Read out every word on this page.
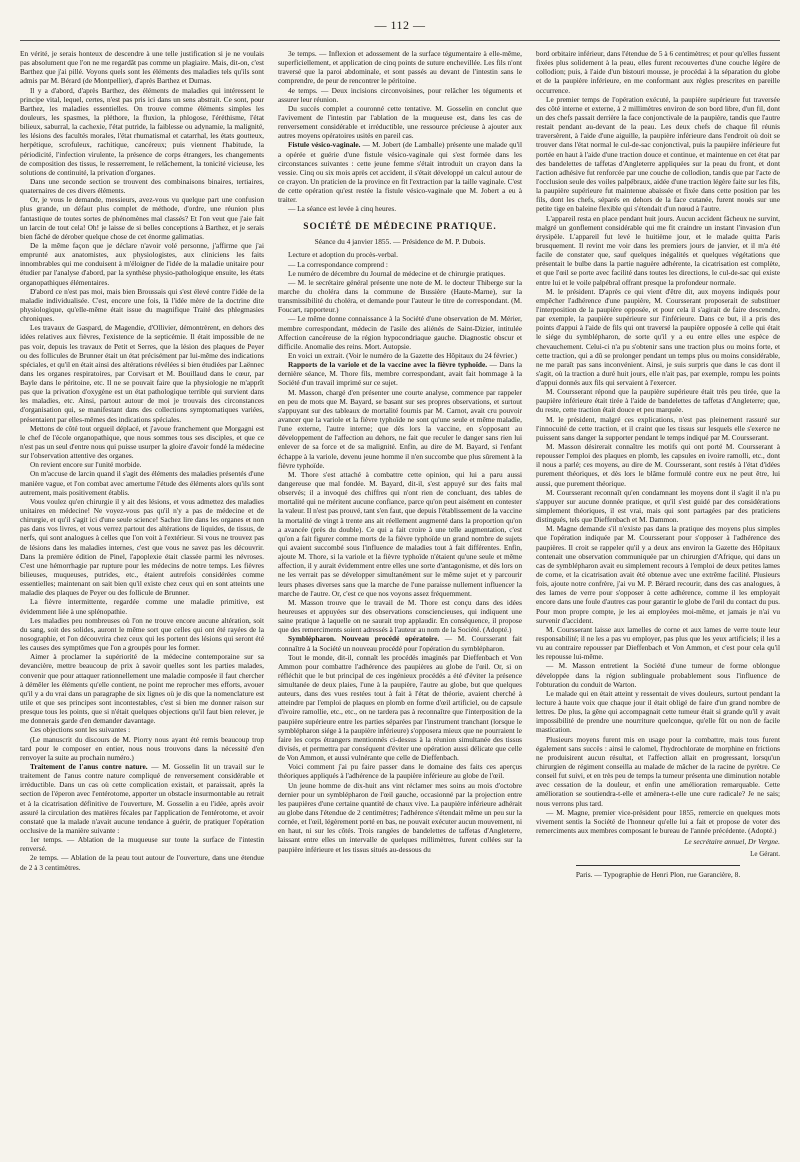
— 112 —

En vérité, je serais honteux de descendre à une telle justification si je ne voulais pas absolument que l'on ne me regardât pas comme un plagiaire. Mais, dit-on, c'est Barthez que j'ai pillé. Voyons quels sont les éléments des maladies tels qu'ils sont admis par M. Bérard (de Montpellier), d'après Barthez et Dumas.

Il y a d'abord, d'après Barthez, des éléments de maladies qui intéressent le principe vital, lequel, certes, n'est pas pris ici dans un sens abstrait. Ce sont, pour Barthez, les maladies essentielles. On trouve comme éléments simples les douleurs, les spasmes, la pléthore, la fluxion, la phlogose, l'éréthisme, l'état bilieux, saburral, la cachexie, l'état putride, la faiblesse ou adynamie, la malignité, les lésions des facultés morales, l'état rhumatismal et catarrhal, les états goutteux, herpétique, scrofuleux, rachitique, cancéreux; puis viennent l'habitude, la périodicité, l'infection virulente, la présence de corps étrangers, les changements de composition des tissus, le resserrement, le relâchement, la tonicité vicieuse, les solutions de continuité, la privation d'organes.

Dans une seconde section se trouvent des combinaisons binaires, tertiaires, quaternaires de ces divers éléments.

Or, je vous le demande, messieurs, avez-vous vu quelque part une confusion plus grande, un défaut plus complet de méthode, d'ordre, une réunion plus fantastique de toutes sortes de phénomènes mal classés? Et l'on veut que j'aie fait un larcin de tout cela! Oh! je laisse de si belles conceptions à Barthez, et je serais bien fâché de dérober quelque chose de cet énorme galimatias.

De la même façon que je déclare n'avoir volé personne, j'affirme que j'ai emprunté aux anatomistes, aux physiologistes, aux cliniciens les faits innombrables qui me conduisent à m'éloigner de l'idée de la maladie unitaire pour étudier par l'analyse d'abord, par la synthèse physio-pathologique ensuite, les états organopathiques élémentaires.

D'abord ce n'est pas moi, mais bien Broussais qui s'est élevé contre l'idée de la maladie individualisée. C'est, encore une fois, là l'idée mère de la doctrine dite physiologique, qu'elle-même était issue du magnifique Traité des phlegmasies chroniques.

Les travaux de Gaspard, de Magendie, d'Ollivier, démontrèrent, en dehors des idées relatives aux fièvres, l'existence de la septicémie. Il était impossible de ne pas voir, depuis les travaux de Petit et Serres, que la lésion des plaques de Peyer ou des follicules de Brunner était un état précisément par lui-même des indications spéciales, et qu'il en était ainsi des altérations révélées si bien étudiées par Laënnec dans les organes respiratoires, par Corvisart et M. Bouillaud dans le cœur, par Bayle dans le péritoine, etc. Il ne se pouvait faire que la physiologie ne m'apprît pas que la privation d'oxygène est un état pathologique terrible qui survient dans les maladies, etc. Ainsi, partout autour de moi je trouvais des circonstances d'organisation qui, se manifestant dans des collections symptomatiques variées, présentaient par elles-mêmes des indications spéciales.

Mettons de côté tout orgueil déplacé, et j'avoue franchement que Morgagni est le chef de l'école organopathique, que nous sommes tous ses disciples, et que ce n'est pas un seul d'entre nous qui puisse usurper la gloire d'avoir fondé la médecine sur l'observation attentive des organes.

On revient encore sur l'unité morbide.

On m'accuse de larcin quand il s'agit des éléments des maladies présentés d'une manière vague, et l'on combat avec amertume l'étude des éléments alors qu'ils sont autrement, mais positivement établis.

Vous voulez qu'en chirurgie il y ait des lésions, et vous admettez des maladies unitaires en médecine! Ne voyez-vous pas qu'il n'y a pas de médecine et de chirurgie, et qu'il s'agit ici d'une seule science! Sachez lire dans les organes et non pas dans vos livres, et vous verrez partout des altérations de liquides, de tissus, de nerfs, qui sont analogues à celles que l'on voit à l'extérieur. Si vous ne trouvez pas de lésions dans les maladies internes, c'est que vous ne savez pas les découvrir. Dans la première édition de Pinel, l'apoplexie était classée parmi les névroses. C'est une hémorrhagie par rupture pour les médecins de notre temps. Les fièvres bilieuses, muqueuses, putrides, etc., étaient autrefois considérées comme essentielles; maintenant on sait bien qu'il existe chez ceux qui en sont atteints une maladie des plaques de Peyer ou des follicule de Brunner.

La fièvre intermittente, regardée comme une maladie primitive, est évidemment liée à une splénopathie.

Les maladies peu nombreuses où l'on ne trouve encore aucune altération, soit du sang, soit des solides, auront le même sort que celles qui ont été rayées de la nosographie, et l'on découvrira chez ceux qui les portent des lésions qui seront été les causes des symptômes que l'on a groupés pour les former.

Aimer à proclamer la supériorité de la médecine contemporaine sur sa devancière, mettre beaucoup de prix à savoir quelles sont les parties malades, convenir que pour attaquer rationnellement une maladie composée il faut chercher à démêler les éléments qu'elle contient, ne point me reprocher mes efforts, avouer qu'il y a du vrai dans un paragraphe de six lignes où je dis que la nomenclature est utile et que ses principes sont incontestables, c'est si bien me donner raison sur presque tous les points, que si n'était quelques objections qu'il faut bien relever, je me donnerais garde d'en demander davantage.

Ces objections sont les suivantes :

(Le manuscrit du discours de M. Piorry nous ayant été remis beaucoup trop tard pour le composer en entier, nous nous trouvons dans la nécessité d'en renvoyer la suite au prochain numéro.)

Traitement de l'anus contre nature. — M. Gosselin lit un travail sur le traitement de l'anus contre nature compliqué de renversement considérable et irréductible. Dans un cas où cette complication existait, et paraissait, après la section de l'éperon avec l'entérotome, apporter un obstacle insurmontable au retrait et à la cicatrisation définitive de l'ouverture, M. Gosselin a eu l'idée, après avoir assuré la circulation des matières fécales par l'application de l'entérotome, et avoir constaté que la malade n'avait aucune tendance à guérir, de pratiquer l'opération occlusive de la manière suivante :

1er temps. — Ablation de la muqueuse sur toute la surface de l'intestin renversé.

2e temps. — Ablation de la peau tout autour de l'ouverture, dans une étendue de 2 à 3 centimètres.

3e temps. — Inflexion et adossement de la surface tégumentaire à elle-même, superficiellement, et application de cinq points de suture enchevillée. Les fils n'ont traversé que la paroi abdominale, et sont passés au devant de l'intestin sans le comprendre, de peur de rencontrer le péritoine.

4e temps. — Deux incisions circonvoisines, pour relâcher les téguments et assurer leur réunion.

Du succès complet a couronné cette tentative. M. Gosselin en conclut que l'avivement de l'intestin par l'ablation de la muqueuse est, dans les cas de renversement considérable et irréductible, une ressource précieuse à ajouter aux autres moyens opératoires usités en pareil cas.

Fistule vésico-vaginale. — M. Jobert (de Lamballe) présente une malade qu'il a opérée et guérie d'une fistule vésico-vaginale qui s'est formée dans les circonstances suivantes : cette jeune femme s'était introduit un crayon dans la vessie. Cinq ou six mois après cet accident, il s'était développé un calcul autour de ce crayon. Un praticien de la province en fit l'extraction par la taille vaginale. C'est de cette opération qu'est restée la fistule vésico-vaginale que M. Jobert a eu à traiter.

— La séance est levée à cinq heures.

SOCIÉTÉ DE MÉDECINE PRATIQUE.
Séance du 4 janvier 1855. — Présidence de M. P. Dubois.

Lecture et adoption du procès-verbal.

— La correspondance comprend :

Le numéro de décembre du Journal de médecine et de chirurgie pratiques.

— M. le secrétaire général présente une note de M. le docteur Thiberge sur la marche du choléra dans la commune de Bussière (Haute-Marne), sur la transmissibilité du choléra, et demande pour l'auteur le titre de correspondant. (M. Foucart, rapporteur.)

— Le même donne connaissance à la Société d'une observation de M. Mérier, membre correspondant, médecin de l'asile des aliénés de Saint-Dizier, intitulée Affection cancéreuse de la région hypocondriaque gauche. Diagnostic obscur et difficile. Anomalie des reins. Mort. Autopsie.

En voici un extrait. (Voir le numéro de la Gazette des Hôpitaux du 24 février.)

Rapports de la variole et de la vaccine avec la fièvre typhoïde. — Dans la dernière séance, M. Thore fils, membre correspondant, avait fait hommage à la Société d'un travail imprimé sur ce sujet.

M. Masson, chargé d'en présenter une courte analyse, commence par rappeler en peu de mots que M. Bayard, se basant sur ses propres observations, et surtout s'appuyant sur des tableaux de mortalité fournis par M. Carnot, avait cru pouvoir avancer que la variole et la fièvre typhoïde ne sont qu'une seule et même maladie, l'une externe, l'autre interne; que dès lors la vaccine, en s'opposant au développement de l'affection au dehors, ne fait que reculer le danger sans rien lui enlever de sa force et de sa malignité. Enfin, au dire de M. Bayard, si l'enfant échappe à la variole, devenu jeune homme il n'en succombe que plus sûrement à la fièvre typhoïde.

M. Thore s'est attaché à combattre cette opinion, qui lui a paru aussi dangereuse que mal fondée. M. Bayard, dit-il, s'est appuyé sur des faits mal observés; il a invoqué des chiffres qui n'ont rien de concluant, des tables de mortalité qui ne méritent aucune confiance, parce qu'on peut aisément en contester la valeur. Il n'est pas prouvé, tant s'en faut, que depuis l'établissement de la vaccine la mortalité de vingt à trente ans ait réellement augmenté dans la proportion qu'on a avancée (près du double). Ce qui a fait croire à une telle augmentation, c'est qu'on a fait figurer comme morts de la fièvre typhoïde un grand nombre de sujets qui avaient succombé sous l'influence de maladies tout à fait différentes. Enfin, ajoute M. Thore, si la variole et la fièvre typhoïde n'étaient qu'une seule et même affection, il y aurait évidemment entre elles une sorte d'antagonisme, et dès lors on ne les verrait pas se développer simultanément sur le même sujet et y parcourir leurs phases diverses sans que la marche de l'une paraisse nullement influencer la marche de l'autre. Or, c'est ce que nos voyons assez fréquemment.

M. Masson trouve que le travail de M. Thore est conçu dans des idées heureuses et appuyées sur des observations consciencieuses, qui indiquent une saine pratique à laquelle on ne saurait trop applaudir. En conséquence, il propose que des remerciments soient adressés à l'auteur au nom de la Société. (Adopté.)

Symblépharon. Nouveau procédé opératoire. — M. Coursserant fait connaître à la Société un nouveau procédé pour l'opération du symblépharon.

Tout le monde, dit-il, connaît les procédés imaginés par Dieffenbach et Von Ammon pour combattre l'adhérence des paupières au globe de l'œil. Or, si on réfléchit que le but principal de ces ingénieux procédés a été d'éviter la présence simultanée de deux plaies, l'une à la paupière, l'autre au globe, but que quelques auteurs, dans des vues restées tout à fait à l'état de théorie, avaient cherché à atteindre par l'emploi de plaques en plomb en forme d'œil artificiel, ou de capsule d'ivoire ramollie, etc., etc., on ne tardera pas à reconnaître que l'interposition de la paupière supérieure entre les parties séparées par l'instrument tranchant (lorsque le symblépharon siége à la paupière inférieure) s'opposera mieux que ne pourraient le faire les corps étrangers mentionnés ci-dessus à la réunion simultanée des tissus divisés, et permettra par conséquent d'éviter une opération aussi délicate que celle de Von Ammon, et aussi vulnérante que celle de Dieffenbach.

Voici comment j'ai pu faire passer dans le domaine des faits ces aperçus théoriques appliqués à l'adhérence de la paupière inférieure au globe de l'œil.

Un jeune homme de dix-huit ans vint réclamer mes soins au mois d'octobre dernier pour un symblépharon de l'œil gauche, occasionné par la projection entre les paupières d'une certaine quantité de chaux vive. La paupière inférieure adhérait au globe dans l'étendue de 2 centimètres; l'adhérence s'étendait même un peu sur la cornée, et l'œil, légèrement porté en bas, ne pouvait exécuter aucun mouvement, ni en haut, ni sur les côtés. Trois rangées de bandelettes de taffetas d'Angleterre, laissant entre elles un intervalle de quelques millimètres, furent collées sur la paupière inférieure et les tissus situés au-dessous du

bord orbitaire inférieur, dans l'étendue de 5 à 6 centimètres; et pour qu'elles fussent fixées plus solidement à la peau, elles furent recouvertes d'une couche légère de collodion; puis, à l'aide d'un bistouri mousse, je procédai à la séparation du globe et de la paupière inférieure, en me conformant aux règles prescrites en pareille occurrence.

Le premier temps de l'opération exécuté, la paupière supérieure fut traversée des côté interne et externe, à 2 millimètres environ de son bord libre, d'un fil, dont un des chefs passait derrière la face conjonctivale de la paupière, tandis que l'autre restait pendant au-devant de la peau. Les deux chefs de chaque fil réunis traversèrent, à l'aide d'une aiguille, la paupière inférieure dans l'endroit où doit se trouver dans l'état normal le cul-de-sac conjonctival, puis la paupière inférieure fut portée en haut à l'aide d'une traction douce et continue, et maintenue en cet état par des bandelettes de taffetas d'Angleterre appliquées sur la peau du front, et dont l'action adhésive fut renforcée par une couche de collodion, tandis que par l'acte de l'occlusion seule des voiles palpébraux, aidée d'une traction légère faite sur les fils, la paupière supérieure fut maintenue abaissée et fixée dans cette position par les fils, dont les chefs, séparés en dehors de la face cutanée, furent noués sur une petite tige en baleine flexible qui s'étendait d'un nœud à l'autre.

L'appareil resta en place pendant huit jours. Aucun accident fâcheux ne survint, malgré un gonflement considérable qui me fit craindre un instant l'invasion d'un érysipèle. L'appareil fut levé le huitième jour, et le malade quitta Paris brusquement. Il revint me voir dans les premiers jours de janvier, et il m'a été facile de constater que, sauf quelques inégalités et quelques végétations que présentait le bulbe dans la partie naguère adhérente, la cicatrisation est complète, et que l'œil se porte avec facilité dans toutes les directions, le cul-de-sac qui existe entre lui et le voile palpébral offrant presque la profondeur normale.

M. le président. D'après ce qui vient d'être dit, aux moyens indiqués pour empêcher l'adhérence d'une paupière, M. Coursserant proposerait de substituer l'interposition de la paupière opposée, et pour cela il s'agirait de faire descendre, par exemple, la paupière supérieure sur l'inférieure. Dans ce but, il a pris des points d'appui à l'aide de fils qui ont traversé la paupière opposée à celle qui était le siége du symblépharon, de sorte qu'il y a eu entre elles une espèce de chevauchement. Celui-ci n'a pu s'obtenir sans une traction plus ou moins forte, et cette traction, qui a dû se prolonger pendant un temps plus ou moins considérable, ne me paraît pas sans inconvénient. Ainsi, je suis surpris que dans le cas dont il s'agit, où la traction a duré huit jours, elle n'ait pas, par exemple, rompu les points d'appui donnés aux fils qui servaient à l'exercer.

M. Coursserant répond que la paupière supérieure était très peu tirée, que la paupière inférieure était tirée à l'aide de bandelettes de taffetas d'Angleterre; que, du reste, cette traction était douce et peu marquée.

M. le président, malgré ces explications, n'est pas pleinement rassuré sur l'innocuité de cette traction, et il craint que les tissus sur lesquels elle s'exerce ne puissent sans danger la supporter pendant le temps indiqué par M. Coursserant.

M. Masson désirerait connaître les motifs qui ont porté M. Coursserant à repousser l'emploi des plaques en plomb, les capsules en ivoire ramolli, etc., dont il nous a parlé; ces moyens, au dire de M. Coursserant, sont restés à l'état d'idées purement théoriques, et dès lors le blâme formulé contre eux ne peut être, lui aussi, que purement théorique.

M. Coursserant reconnaît qu'en condamnant les moyens dont il s'agit il n'a pu s'appuyer sur aucune donnée pratique, et qu'il s'est guidé par des considérations simplement théoriques, il est vrai, mais qui sont partagées par des praticiens distingués, tels que Dieffenbach et M. Dammon.

M. Magne demande s'il n'existe pas dans la pratique des moyens plus simples que l'opération indiquée par M. Coursserant pour s'opposer à l'adhérence des paupières. Il croit se rappeler qu'il y a deux ans environ la Gazette des Hôpitaux contenait une observation communiquée par un chirurgien d'Afrique, qui dans un cas de symblépharon avait eu simplement recours à l'emploi de deux petites lames de corne, et la cicatrisation avait été obtenue avec une extrême facilité. Plusieurs fois, ajoute notre confrère, j'ai vu M. P. Bérard recourir, dans des cas analogues, à des lames de verre pour s'opposer à cette adhérence, comme il les employait encore dans une foule d'autres cas pour garantir le globe de l'œil du contact du pus. Pour mon propre compte, je les ai employées moi-même, et jamais je n'ai vu survenir d'accident.

M. Coursserant laisse aux lamelles de corne et aux lames de verre toute leur responsabilité; il ne les a pas vu employer, pas plus que les yeux artificiels; il les a vu au contraire repousser par Dieffenbach et Von Ammon, et c'est pour cela qu'il les repousse lui-même.

— M. Masson entretient la Société d'une tumeur de forme oblongue développée dans la région sublinguale probablement sous l'influence de l'obturation du conduit de Warton.

Le malade qui en était atteint y ressentait de vives douleurs, surtout pendant la lecture à haute voix que chaque jour il était obligé de faire d'un grand nombre de lettres. De plus, la gêne qui accompagnait cette tumeur était si grande qu'il y avait impossibilité de prendre une nourriture quelconque, qu'elle fût ou non de facile mastication.

Plusieurs moyens furent mis en usage pour la combattre, mais tous furent également sans succès : ainsi le calomel, l'hydrochlorate de morphine en frictions ne produisirent aucun résultat, et l'affection allait en progressant, lorsqu'un chirurgien de régiment conseilla au malade de mâcher de la racine de pyrètre. Ce conseil fut suivi, et en très peu de temps la tumeur présenta une diminution notable avec cessation de la douleur, et enfin une amélioration remarquable. Cette amélioration se soutiendra-t-elle et amènera-t-elle une cure radicale? Je ne sais; nous verrons plus tard.

— M. Magne, premier vice-président pour 1855, remercie en quelques mots vivement sentis la Société de l'honneur qu'elle lui a fait et propose de voter des remerciments aux membres composant le bureau de l'année précédente. (Adopté.)

Le secrétaire annuel, Dr Vergne.
Le Gérant.
Paris. — Typographie de Henri Plon, rue Garancière, 8.
